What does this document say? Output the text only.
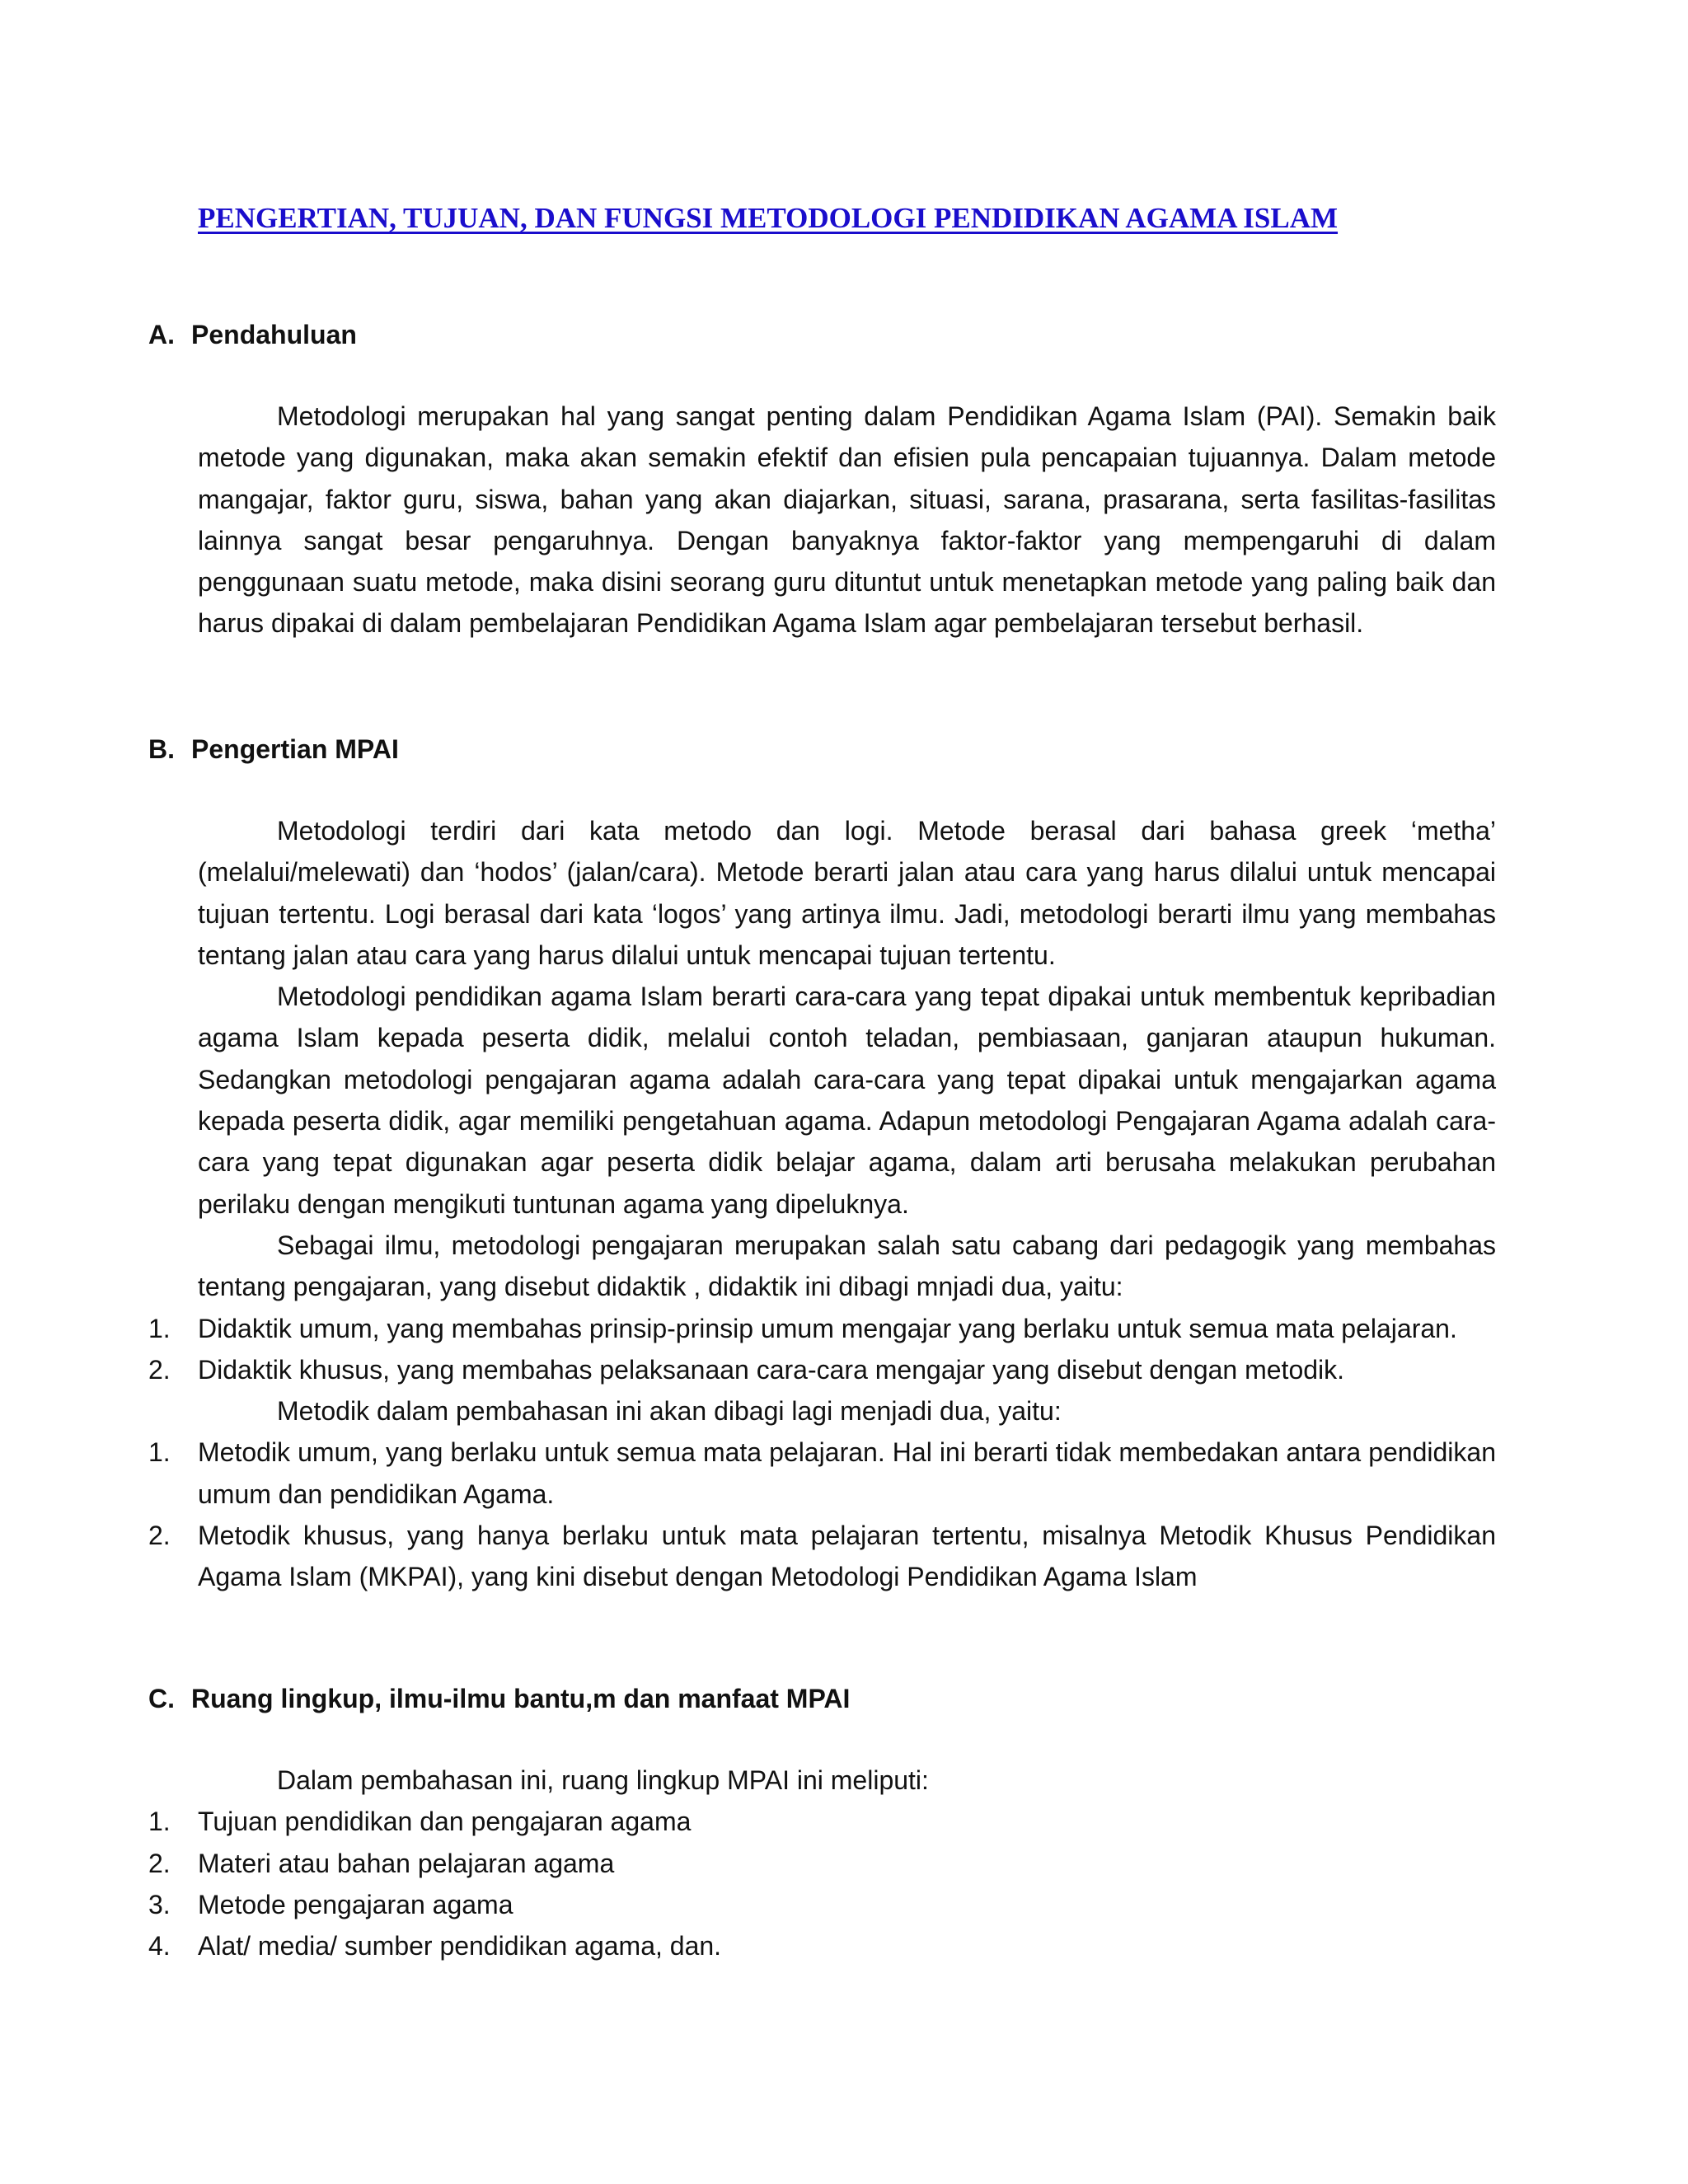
PENGERTIAN, TUJUAN, DAN FUNGSI METODOLOGI PENDIDIKAN AGAMA ISLAM
A. Pendahuluan

Metodologi merupakan hal yang sangat penting dalam Pendidikan Agama Islam (PAI). Semakin baik metode yang digunakan, maka akan semakin efektif dan efisien pula pencapaian tujuannya. Dalam metode mangajar, faktor guru, siswa, bahan yang akan diajarkan, situasi, sarana, prasarana, serta fasilitas-fasilitas lainnya sangat besar pengaruhnya. Dengan banyaknya faktor-faktor yang mempengaruhi di dalam penggunaan suatu metode, maka disini seorang guru dituntut untuk menetapkan metode yang paling baik dan harus dipakai di dalam pembelajaran Pendidikan Agama Islam agar pembelajaran tersebut berhasil.

B. Pengertian MPAI

Metodologi terdiri dari kata metodo dan logi. Metode berasal dari bahasa greek ‘metha’ (melalui/melewati) dan ‘hodos’ (jalan/cara). Metode berarti jalan atau cara yang harus dilalui untuk mencapai tujuan tertentu. Logi berasal dari kata ‘logos’ yang artinya ilmu. Jadi, metodologi berarti ilmu yang membahas tentang jalan atau cara yang harus dilalui untuk mencapai tujuan tertentu.

Metodologi pendidikan agama Islam berarti cara-cara yang tepat dipakai untuk membentuk kepribadian agama Islam kepada peserta didik, melalui contoh teladan, pembiasaan, ganjaran ataupun hukuman. Sedangkan metodologi pengajaran agama adalah cara-cara yang tepat dipakai untuk mengajarkan agama kepada peserta didik, agar memiliki pengetahuan agama. Adapun metodologi Pengajaran Agama adalah cara-cara yang tepat digunakan agar peserta didik belajar agama, dalam arti berusaha melakukan perubahan perilaku dengan mengikuti tuntunan agama yang dipeluknya.

Sebagai ilmu, metodologi pengajaran merupakan salah satu cabang dari pedagogik yang membahas tentang pengajaran, yang disebut didaktik , didaktik ini dibagi mnjadi dua, yaitu:

1. Didaktik umum, yang membahas prinsip-prinsip umum mengajar yang berlaku untuk semua mata pelajaran.
2. Didaktik khusus, yang membahas pelaksanaan cara-cara mengajar yang disebut dengan metodik.

Metodik dalam pembahasan ini akan dibagi lagi menjadi dua, yaitu:

1. Metodik umum, yang berlaku untuk semua mata pelajaran. Hal ini berarti tidak membedakan antara pendidikan umum dan pendidikan Agama.
2. Metodik khusus, yang hanya berlaku untuk mata pelajaran tertentu, misalnya Metodik Khusus Pendidikan Agama Islam (MKPAI), yang kini disebut dengan Metodologi Pendidikan Agama Islam
C. Ruang lingkup, ilmu-ilmu bantu,m dan manfaat MPAI

Dalam pembahasan ini, ruang lingkup MPAI ini meliputi:

1. Tujuan pendidikan dan pengajaran agama
2. Materi atau bahan pelajaran agama
3. Metode pengajaran agama
4. Alat/ media/ sumber pendidikan agama, dan.
